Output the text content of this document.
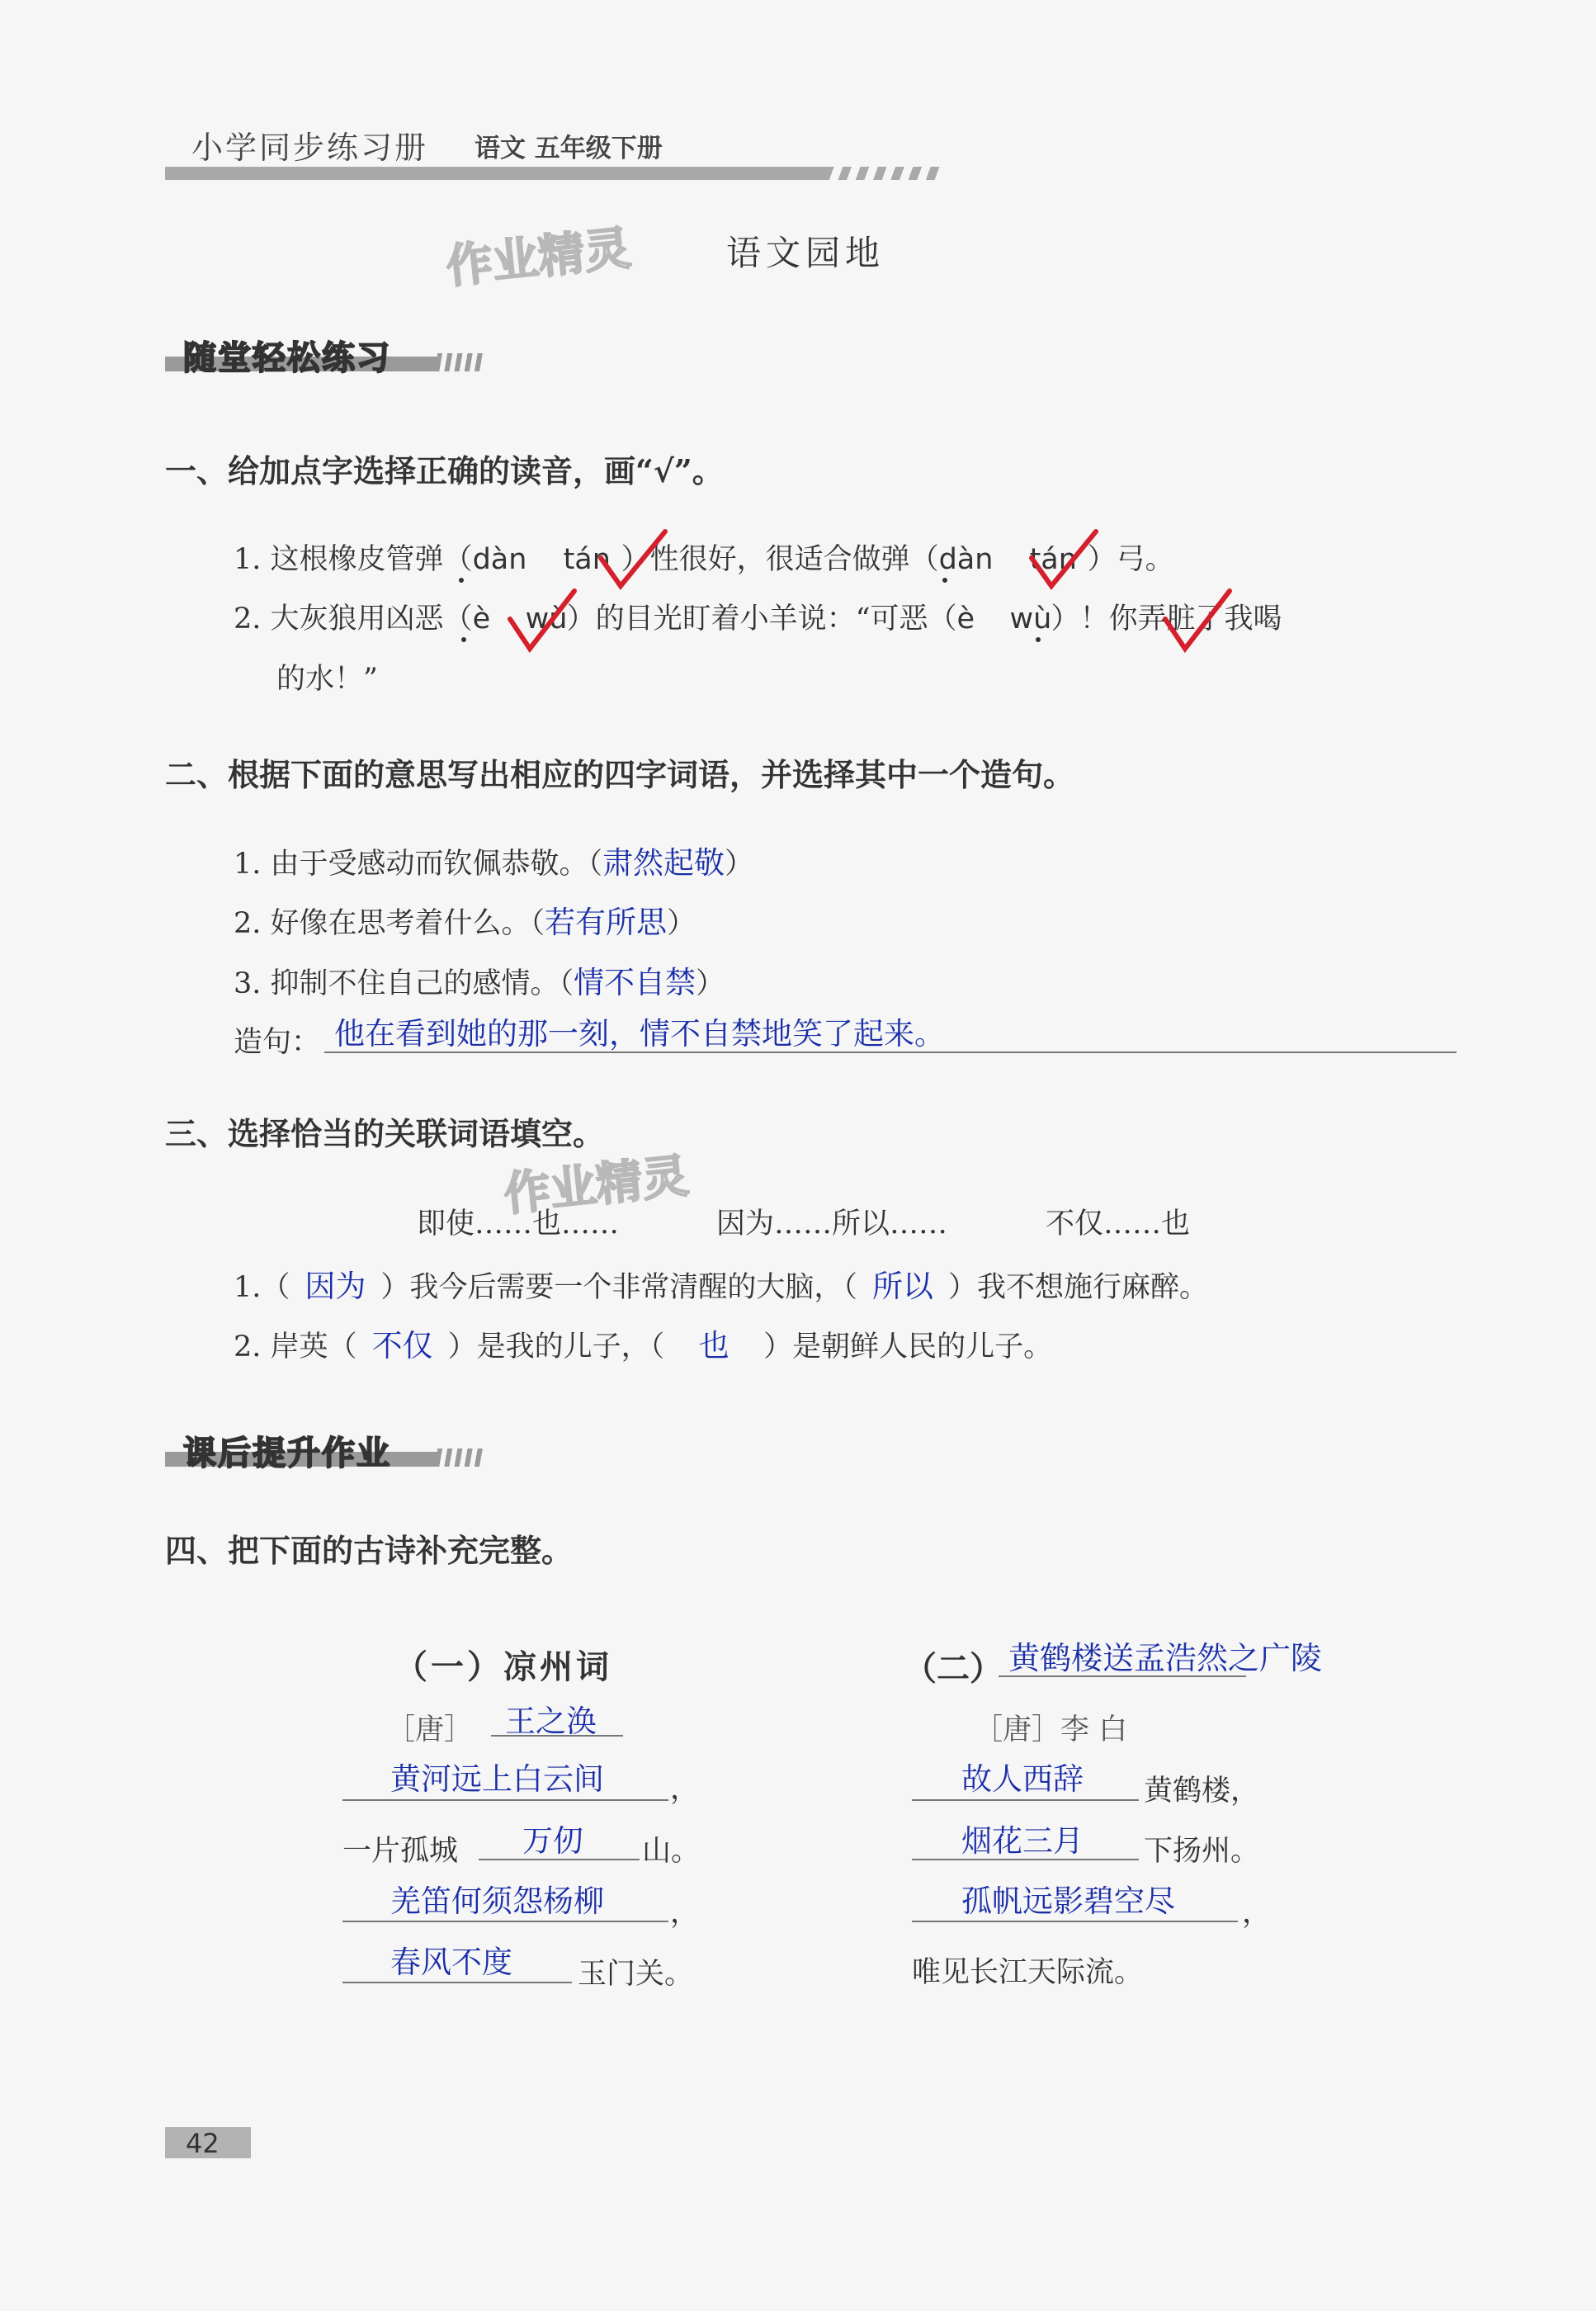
小学同步练习册 语文 五年级下册
作业精灵	语文园地
随堂轻松练习
一、给加点字选择正确的读音，画“√”。
1. 这根橡皮管弹（dàn tán ）性很好，很适合做弹（dàn tán ）弓。
2. 大灰狼用凶恶（è wù）的目光盯着小羊说：“可恶（è wù）！你弄脏了我喝
的水！”
二、根据下面的意思写出相应的四字词语，并选择其中一个造句。
1. 由于受感动而钦佩恭敬。（肃然起敬）
2. 好像在思考着什么。（若有所思）
3. 抑制不住自己的感情。（情不自禁）
造句： 他在看到她的那一刻，情不自禁地笑了起来。
三、选择恰当的关联词语填空。
作业精灵
即使……也……	因为……所以……	不仅……也
1.（ 因为 ）我今后需要一个非常清醒的大脑，（ 所以 ）我不想施行麻醉。
2. 岸英（ 不仅 ）是我的儿子，（ 也 ）是朝鲜人民的儿子。
课后提升作业
四、把下面的古诗补充完整。
（一）凉州词
［唐］ 王之涣
黄河远上白云间 ，
一片孤城 万仞 山。
羌笛何须怨杨柳 ，
春风不度 玉门关。
（二） 黄鹤楼送孟浩然之广陵
［唐］李 白
故人西辞 黄鹤楼，
烟花三月 下扬州。
孤帆远影碧空尽 ，
唯见长江天际流。
42
